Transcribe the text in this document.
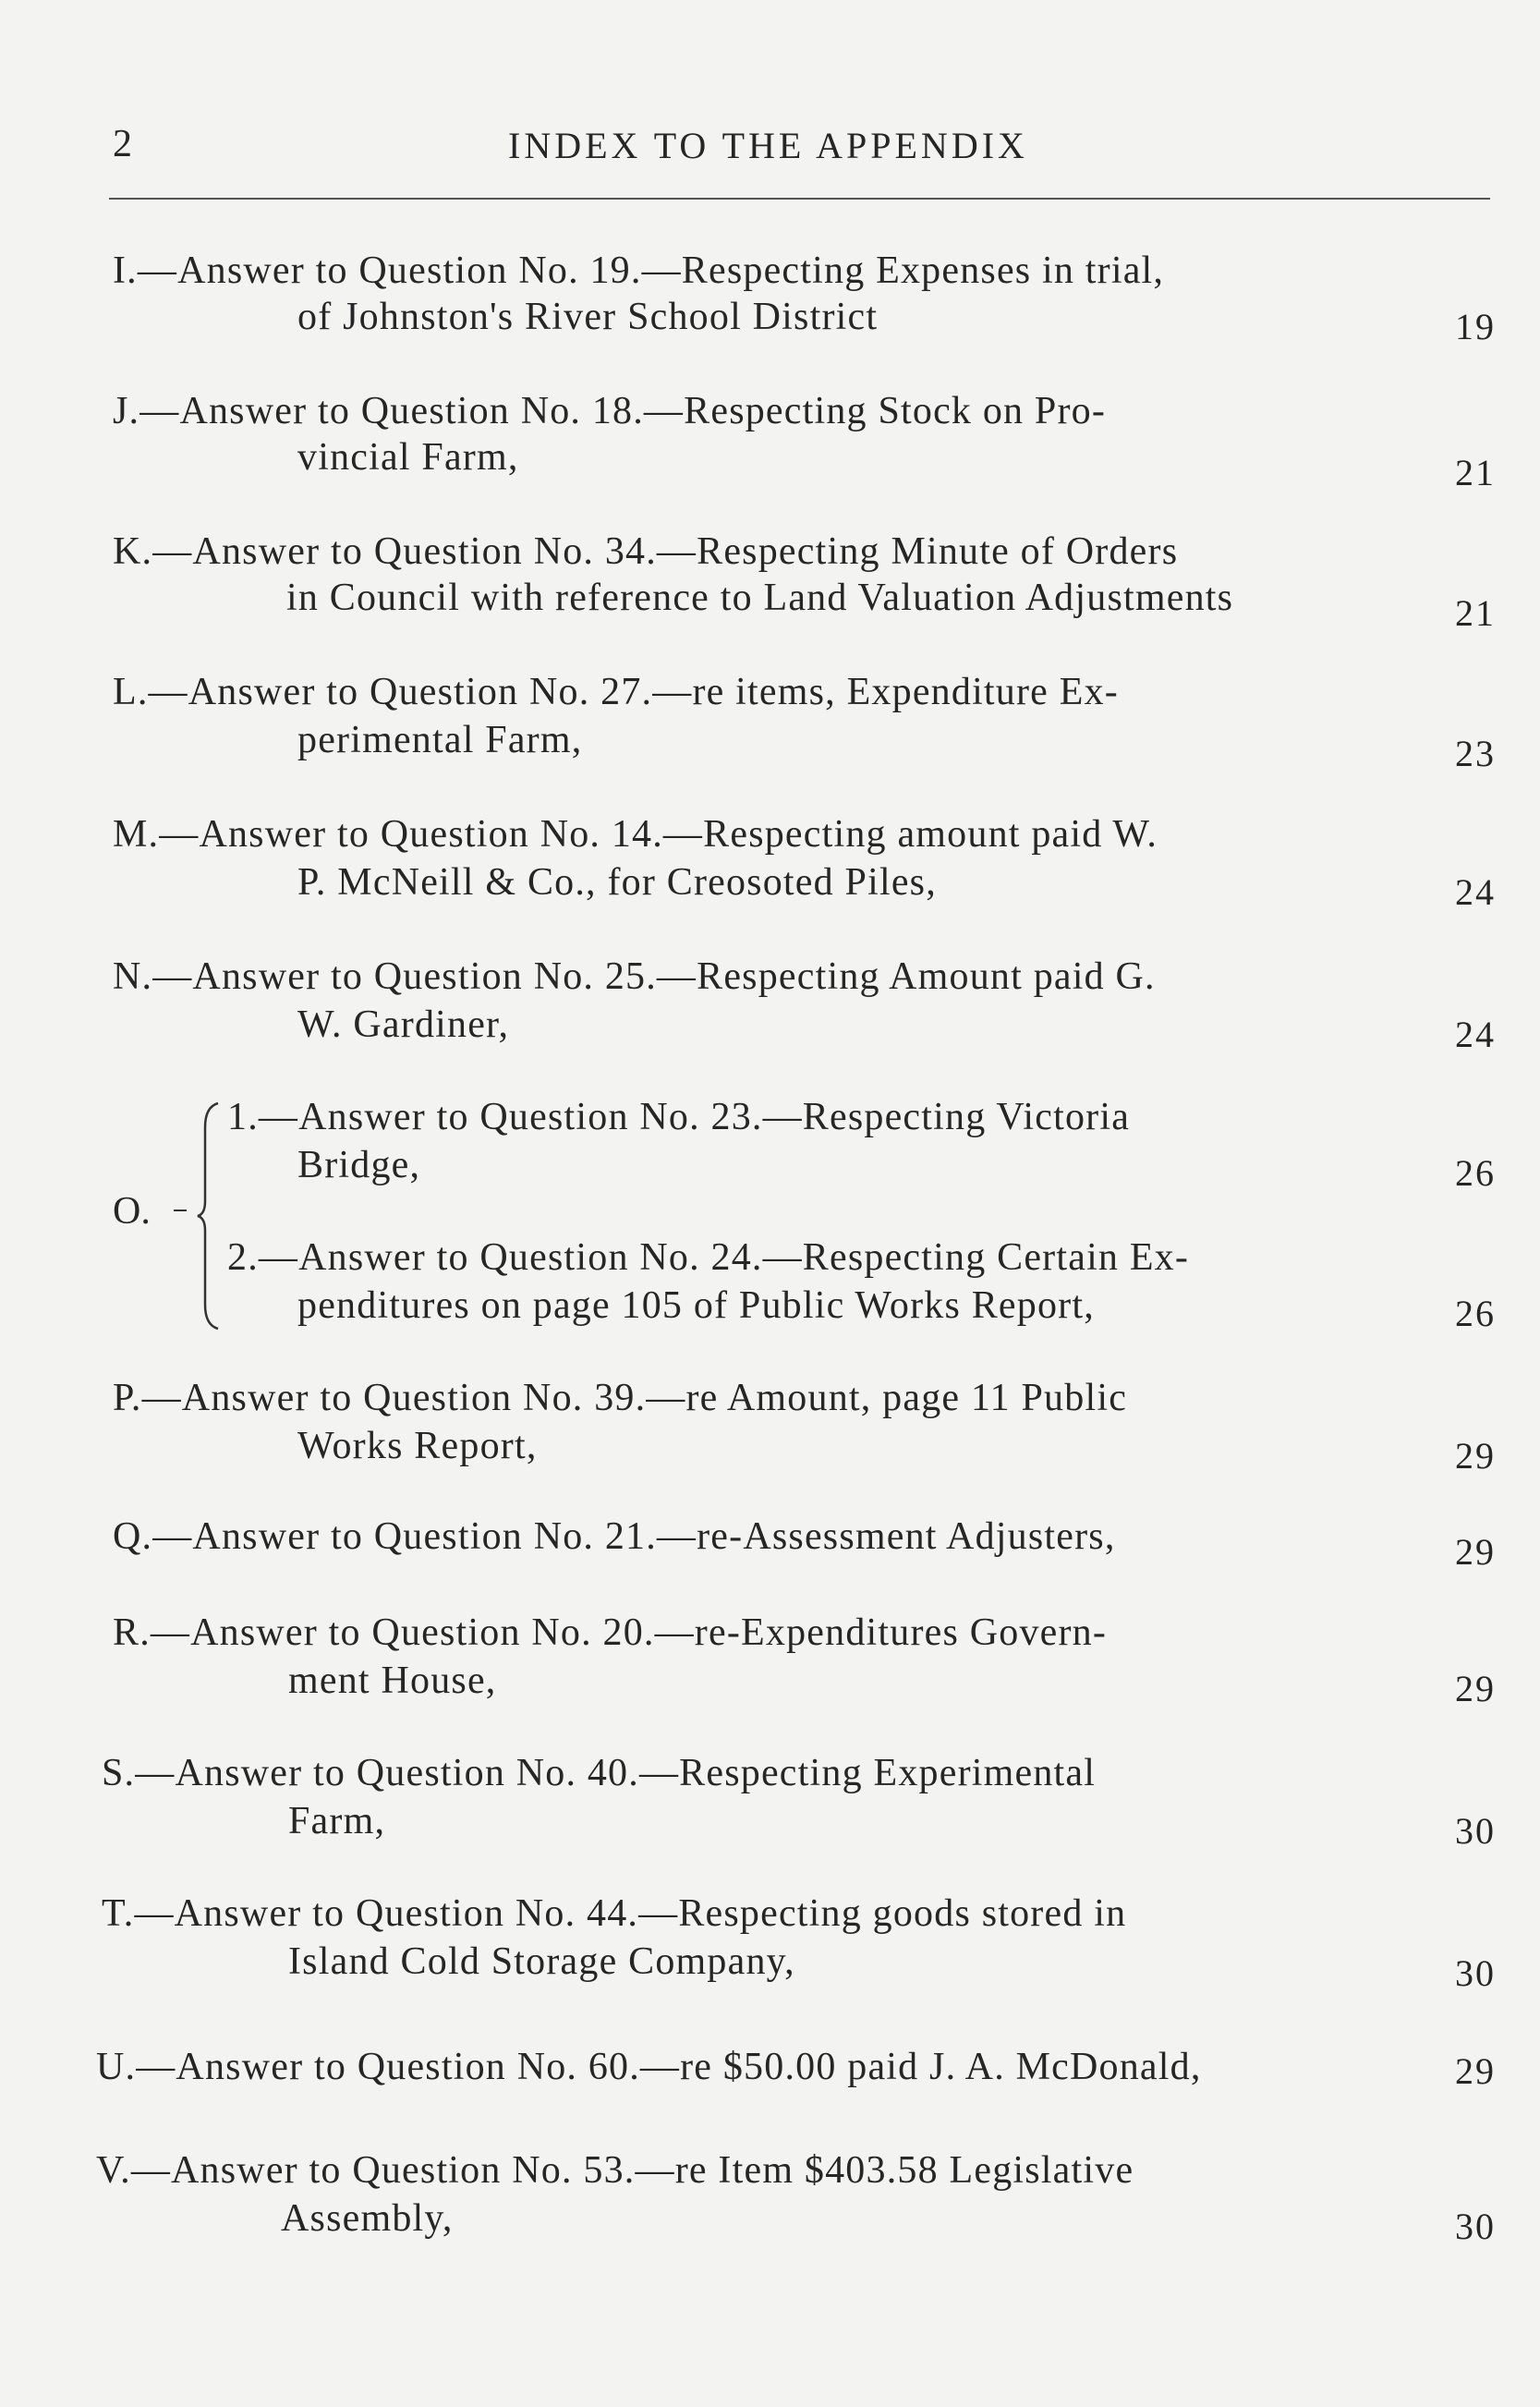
2	INDEX TO THE APPENDIX
I.—Answer to Question No. 19.—Respecting Expenses in trial,
of Johnston's River School District	19
J.—Answer to Question No. 18.—Respecting Stock on Pro-
vincial Farm,	21
K.—Answer to Question No. 34.—Respecting Minute of Orders
in Council with reference to Land Valuation Adjustments	21
L.—Answer to Question No. 27.—re items, Expenditure Ex-
perimental Farm,	23
M.—Answer to Question No. 14.—Respecting amount paid W.
P. McNeill & Co., for Creosoted Piles,	24
N.—Answer to Question No. 25.—Respecting Amount paid G.
W. Gardiner,	24
O.
1.—Answer to Question No. 23.—Respecting Victoria
Bridge,	26
2.—Answer to Question No. 24.—Respecting Certain Ex-
penditures on page 105 of Public Works Report,	26
P.—Answer to Question No. 39.—re Amount, page 11 Public
Works Report,	29
Q.—Answer to Question No. 21.—re-Assessment Adjusters,	29
R.—Answer to Question No. 20.—re-Expenditures Govern-
ment House,	29
S.—Answer to Question No. 40.—Respecting Experimental
Farm,	30
T.—Answer to Question No. 44.—Respecting goods stored in
Island Cold Storage Company,	30
U.—Answer to Question No. 60.—re $50.00 paid J. A. McDonald,	29
V.—Answer to Question No. 53.—re Item $403.58 Legislative
Assembly,	30
